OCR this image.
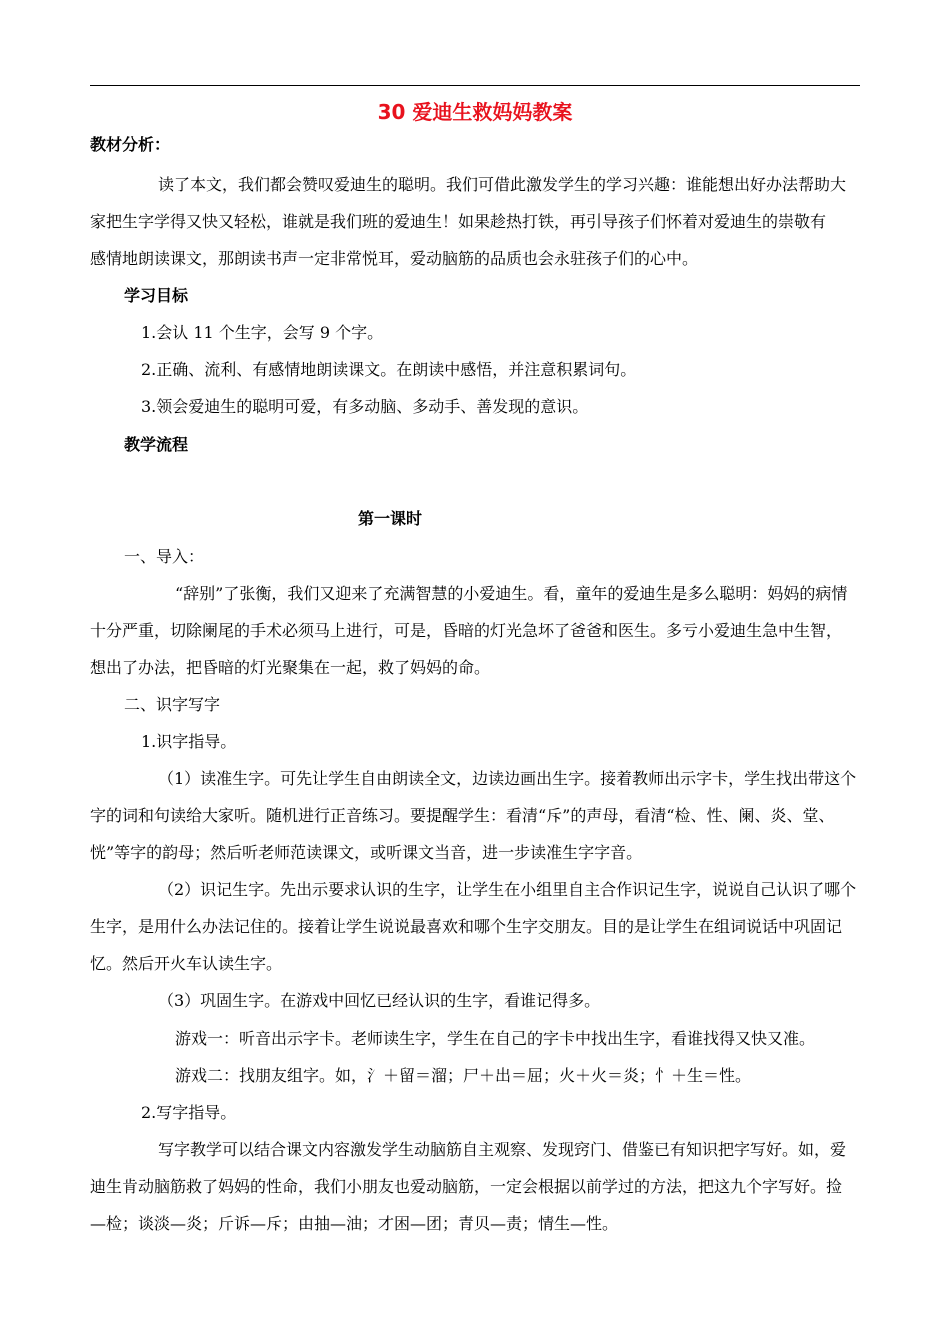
30 爱迪生救妈妈教案
教材分析：
读了本文，我们都会赞叹爱迪生的聪明。我们可借此激发学生的学习兴趣：谁能想出好办法帮助大
家把生字学得又快又轻松，谁就是我们班的爱迪生！如果趁热打铁，再引导孩子们怀着对爱迪生的崇敬有
感情地朗读课文，那朗读书声一定非常悦耳，爱动脑筋的品质也会永驻孩子们的心中。
学习目标
1.会认 11 个生字，会写 9 个字。
2.正确、流利、有感情地朗读课文。在朗读中感悟，并注意积累词句。
3.领会爱迪生的聪明可爱，有多动脑、多动手、善发现的意识。
教学流程
第一课时
一、导入：
“辞别”了张衡，我们又迎来了充满智慧的小爱迪生。看，童年的爱迪生是多么聪明：妈妈的病情
十分严重，切除阑尾的手术必须马上进行，可是，昏暗的灯光急坏了爸爸和医生。多亏小爱迪生急中生智，
想出了办法，把昏暗的灯光聚集在一起，救了妈妈的命。
二、识字写字
1.识字指导。
（1）读准生字。可先让学生自由朗读全文，边读边画出生字。接着教师出示字卡，学生找出带这个
字的词和句读给大家听。随机进行正音练习。要提醒学生：看清“斥”的声母，看清“检、性、阑、炎、堂、
恍”等字的韵母；然后听老师范读课文，或听课文当音，进一步读准生字字音。
（2）识记生字。先出示要求认识的生字，让学生在小组里自主合作识记生字，说说自己认识了哪个
生字，是用什么办法记住的。接着让学生说说最喜欢和哪个生字交朋友。目的是让学生在组词说话中巩固记
忆。然后开火车认读生字。
（3）巩固生字。在游戏中回忆已经认识的生字，看谁记得多。
游戏一：听音出示字卡。老师读生字，学生在自己的字卡中找出生字，看谁找得又快又准。
游戏二：找朋友组字。如，氵＋留＝溜；尸＋出＝屈；火＋火＝炎；忄＋生＝性。
2.写字指导。
写字教学可以结合课文内容激发学生动脑筋自主观察、发现窍门、借鉴已有知识把字写好。如，爱
迪生肯动脑筋救了妈妈的性命，我们小朋友也爱动脑筋，一定会根据以前学过的方法，把这九个字写好。捡
—检；谈淡—炎；斤诉—斥；由抽—油；才困—团；青贝—责；情生—性。
